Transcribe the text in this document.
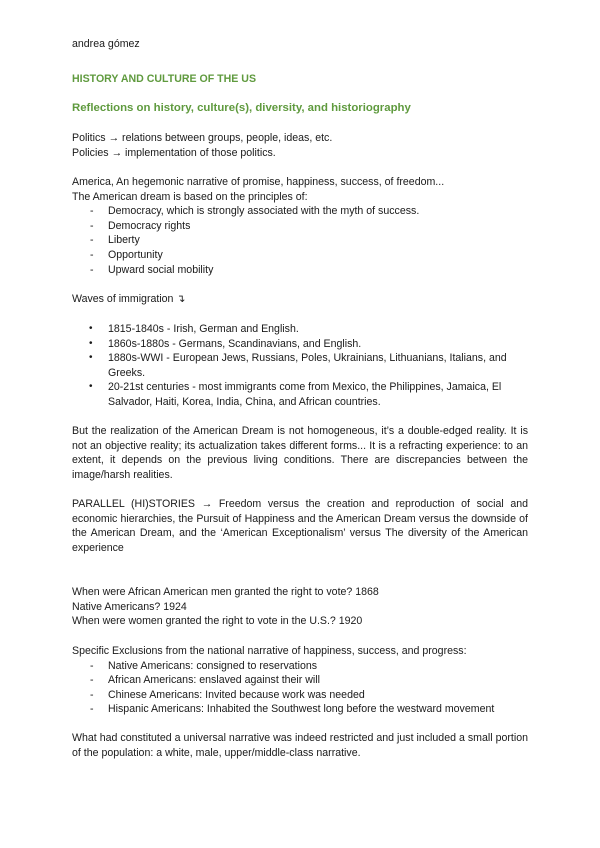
andrea gómez

HISTORY AND CULTURE OF THE US

Reflections on history, culture(s), diversity, and historiography

Politics → relations between groups, people, ideas, etc.

Policies → implementation of those politics.

America, An hegemonic narrative of promise, happiness, success, of freedom...

The American dream is based on the principles of:

- Democracy, which is strongly associated with the myth of success.
- Democracy rights
- Liberty
- Opportunity
- Upward social mobility

Waves of immigration ↴

• 1815-1840s - Irish, German and English.
• 1860s-1880s - Germans, Scandinavians, and English.
• 1880s-WWI - European Jews, Russians, Poles, Ukrainians, Lithuanians, Italians, and Greeks.
• 20-21st centuries - most immigrants come from Mexico, the Philippines, Jamaica, El Salvador, Haiti, Korea, India, China, and African countries.

But the realization of the American Dream is not homogeneous, it’s a double-edged reality. It is not an objective reality; its actualization takes different forms... It is a refracting experience: to an extent, it depends on the previous living conditions. There are discrepancies between the image/harsh realities.

PARALLEL (HI)STORIES → Freedom versus the creation and reproduction of social and economic hierarchies, the Pursuit of Happiness and the American Dream versus the downside of the American Dream, and the ‘American Exceptionalism’ versus The diversity of the American experience

When were African American men granted the right to vote? 1868

Native Americans? 1924

When were women granted the right to vote in the U.S.? 1920

Specific Exclusions from the national narrative of happiness, success, and progress:

- Native Americans: consigned to reservations
- African Americans: enslaved against their will
- Chinese Americans: Invited because work was needed
- Hispanic Americans: Inhabited the Southwest long before the westward movement

What had constituted a universal narrative was indeed restricted and just included a small portion of the population: a white, male, upper/middle-class narrative.
